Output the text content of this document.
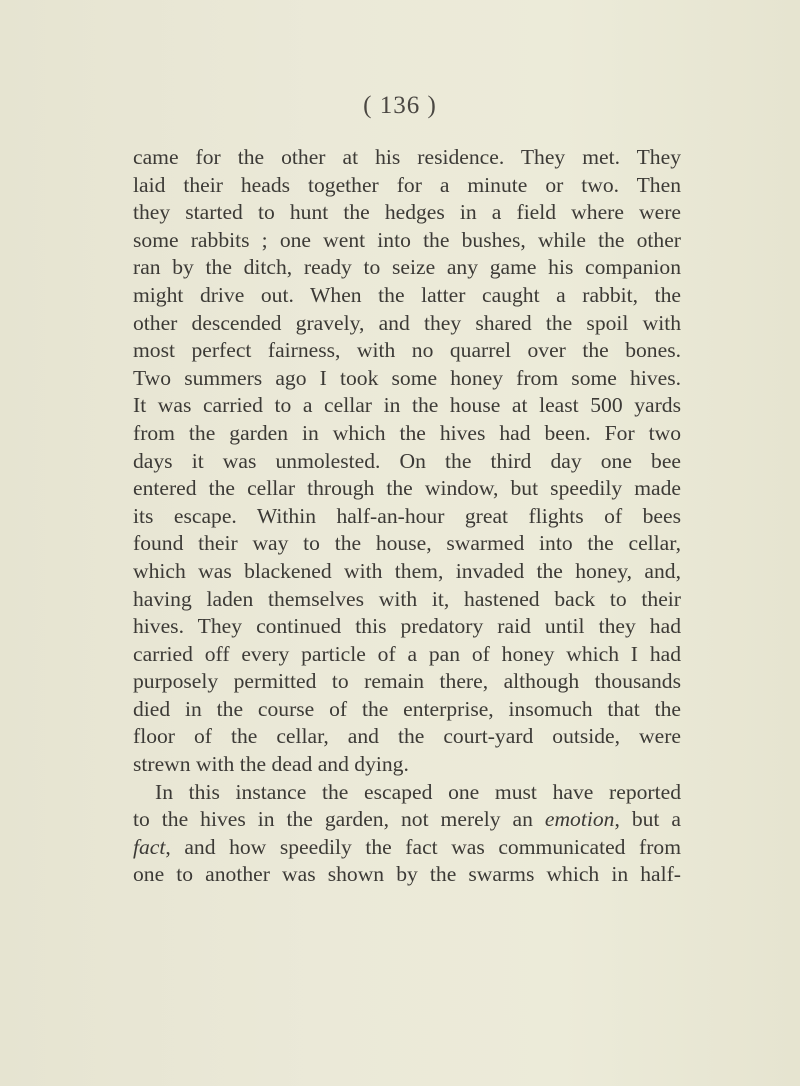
( 136 )
came for the other at his residence. They met. They
laid their heads together for a minute or two. Then
they started to hunt the hedges in a field where were
some rabbits ; one went into the bushes, while the other
ran by the ditch, ready to seize any game his companion
might drive out. When the latter caught a rabbit, the
other descended gravely, and they shared the spoil with
most perfect fairness, with no quarrel over the bones.
Two summers ago I took some honey from some hives.
It was carried to a cellar in the house at least 500 yards
from the garden in which the hives had been. For two
days it was unmolested. On the third day one bee
entered the cellar through the window, but speedily made
its escape. Within half-an-hour great flights of bees
found their way to the house, swarmed into the cellar,
which was blackened with them, invaded the honey, and,
having laden themselves with it, hastened back to their
hives. They continued this predatory raid until they had
carried off every particle of a pan of honey which I had
purposely permitted to remain there, although thousands
died in the course of the enterprise, insomuch that the
floor of the cellar, and the court-yard outside, were
strewn with the dead and dying.
In this instance the escaped one must have reported
to the hives in the garden, not merely an emotion, but a
fact, and how speedily the fact was communicated from
one to another was shown by the swarms which in half-
